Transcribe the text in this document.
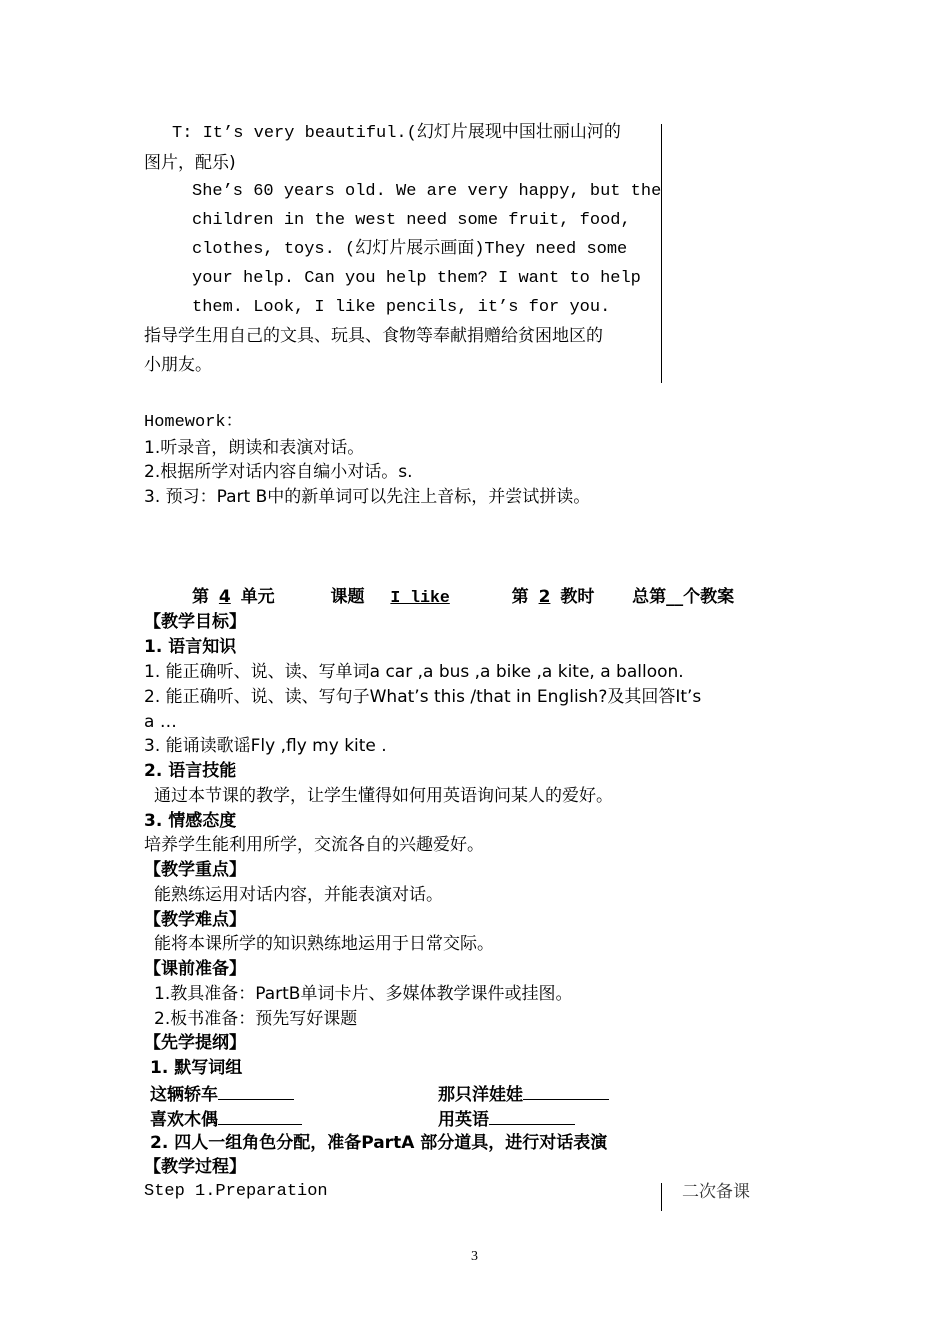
T: It’s very beautiful.(幻灯片展现中国壮丽山河的
图片，配乐)
She’s 60 years old. We are very happy, but the
children in the west need some fruit, food,
clothes, toys. (幻灯片展示画面)They need some
your help. Can you help them? I want to help
them. Look, I like pencils, it’s for you.
指导学生用自己的文具、玩具、食物等奉献捐赠给贫困地区的
小朋友。
Homework：
1.听录音，朗读和表演对话。
2.根据所学对话内容自编小对话。s.
3. 预习：Part B中的新单词可以先注上音标，并尝试拼读。
第 4 单元	课题 I like	第 2 教时 总第__个教案
【教学目标】
1. 语言知识
1. 能正确听、说、读、写单词a car ,a bus ,a bike ,a kite, a balloon.
2. 能正确听、说、读、写句子What’s this /that in English?及其回答It’s
a …
3. 能诵读歌谣Fly ,fly my kite .
2. 语言技能
通过本节课的教学，让学生懂得如何用英语询问某人的爱好。
3. 情感态度
培养学生能利用所学，交流各自的兴趣爱好。
【教学重点】
能熟练运用对话内容，并能表演对话。
【教学难点】
能将本课所学的知识熟练地运用于日常交际。
【课前准备】
1.教具准备：PartB单词卡片、多媒体教学课件或挂图。
2.板书准备：预先写好课题
【先学提纲】
1. 默写词组
这辆轿车	那只洋娃娃
喜欢木偶	用英语
2. 四人一组角色分配，准备PartA 部分道具，进行对话表演
【教学过程】
Step 1.Preparation	二次备课
3
